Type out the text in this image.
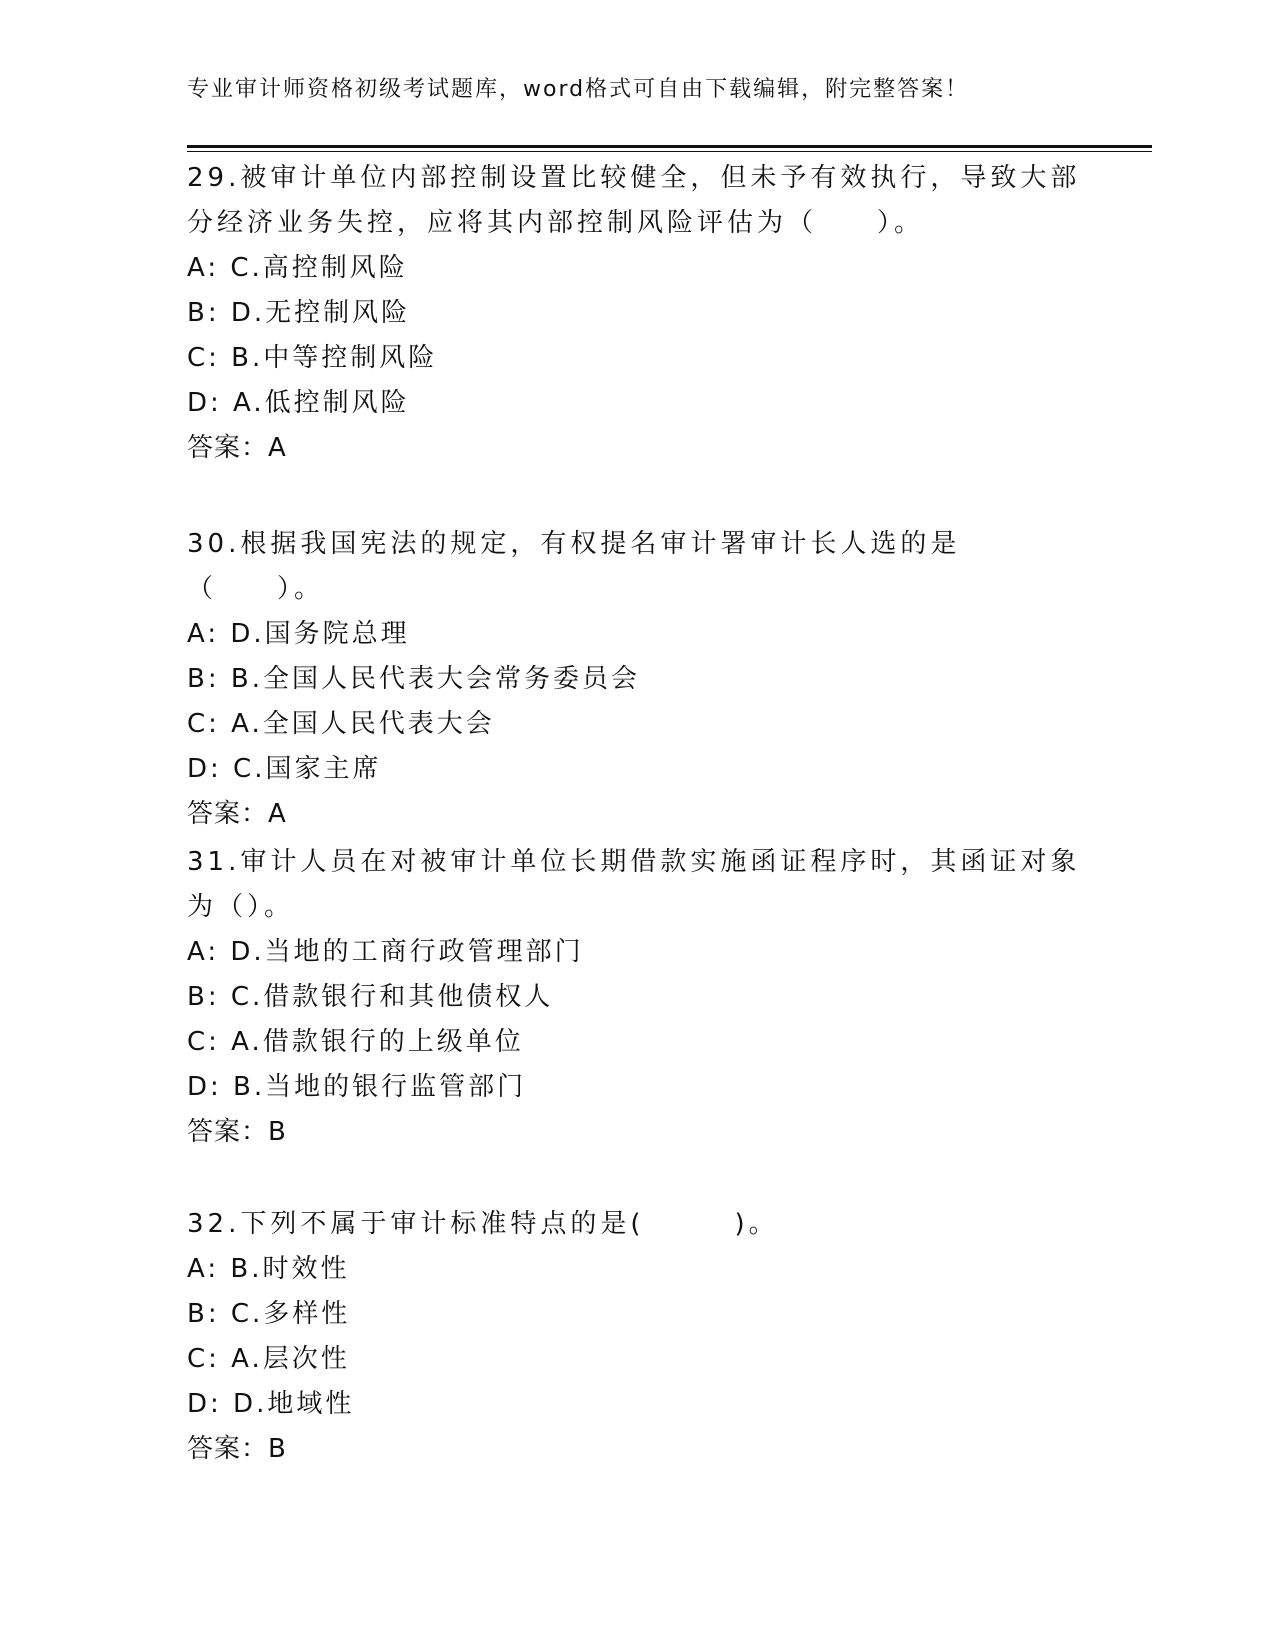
专业审计师资格初级考试题库，word格式可自由下载编辑，附完整答案！

29.被审计单位内部控制设置比较健全，但未予有效执行，导致大部分经济业务失控，应将其内部控制风险评估为（　　）。

A: C.高控制风险

B: D.无控制风险

C: B.中等控制风险

D: A.低控制风险

答案：A

30.根据我国宪法的规定，有权提名审计署审计长人选的是（　　）。

A: D.国务院总理

B: B.全国人民代表大会常务委员会

C: A.全国人民代表大会

D: C.国家主席

答案：A

31.审计人员在对被审计单位长期借款实施函证程序时，其函证对象为（）。

A: D.当地的工商行政管理部门

B: C.借款银行和其他债权人

C: A.借款银行的上级单位

D: B.当地的银行监管部门

答案：B

32.下列不属于审计标准特点的是(　　　)。

A: B.时效性

B: C.多样性

C: A.层次性

D: D.地域性

答案：B
